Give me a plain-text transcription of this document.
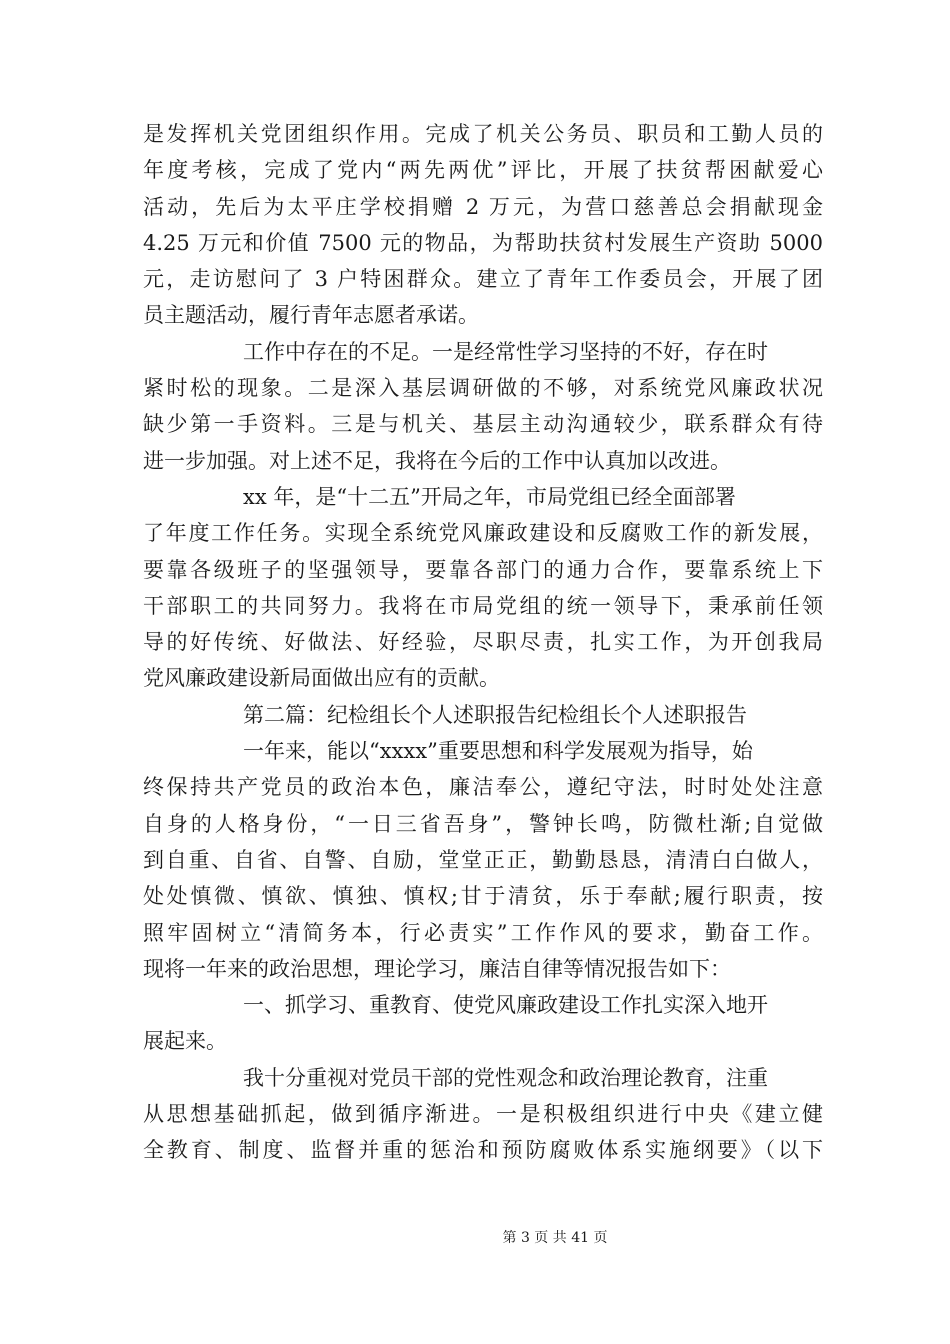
是发挥机关党团组织作用。完成了机关公务员、职员和工勤人员的
年度考核，完成了党内“两先两优”评比，开展了扶贫帮困献爱心
活动，先后为太平庄学校捐赠 2 万元，为营口慈善总会捐献现金
4.25 万元和价值 7500 元的物品，为帮助扶贫村发展生产资助 5000
元，走访慰问了 3 户特困群众。建立了青年工作委员会，开展了团
员主题活动，履行青年志愿者承诺。
工作中存在的不足。一是经常性学习坚持的不好，存在时
紧时松的现象。二是深入基层调研做的不够，对系统党风廉政状况
缺少第一手资料。三是与机关、基层主动沟通较少，联系群众有待
进一步加强。对上述不足，我将在今后的工作中认真加以改进。
xx 年，是“十二五”开局之年，市局党组已经全面部署
了年度工作任务。实现全系统党风廉政建设和反腐败工作的新发展，
要靠各级班子的坚强领导，要靠各部门的通力合作，要靠系统上下
干部职工的共同努力。我将在市局党组的统一领导下，秉承前任领
导的好传统、好做法、好经验，尽职尽责，扎实工作，为开创我局
党风廉政建设新局面做出应有的贡献。
第二篇：纪检组长个人述职报告纪检组长个人述职报告
一年来，能以“xxxx”重要思想和科学发展观为指导，始
终保持共产党员的政治本色，廉洁奉公，遵纪守法，时时处处注意
自身的人格身份，“一日三省吾身”，警钟长鸣，防微杜渐;自觉做
到自重、自省、自警、自励，堂堂正正，勤勤恳恳，清清白白做人，
处处慎微、慎欲、慎独、慎权;甘于清贫，乐于奉献;履行职责，按
照牢固树立“清简务本，行必责实”工作作风的要求，勤奋工作。
现将一年来的政治思想，理论学习，廉洁自律等情况报告如下：
一、抓学习、重教育、使党风廉政建设工作扎实深入地开
展起来。
我十分重视对党员干部的党性观念和政治理论教育，注重
从思想基础抓起，做到循序渐进。一是积极组织进行中央《建立健
全教育、制度、监督并重的惩治和预防腐败体系实施纲要》（以下
第 3 页 共 41 页
